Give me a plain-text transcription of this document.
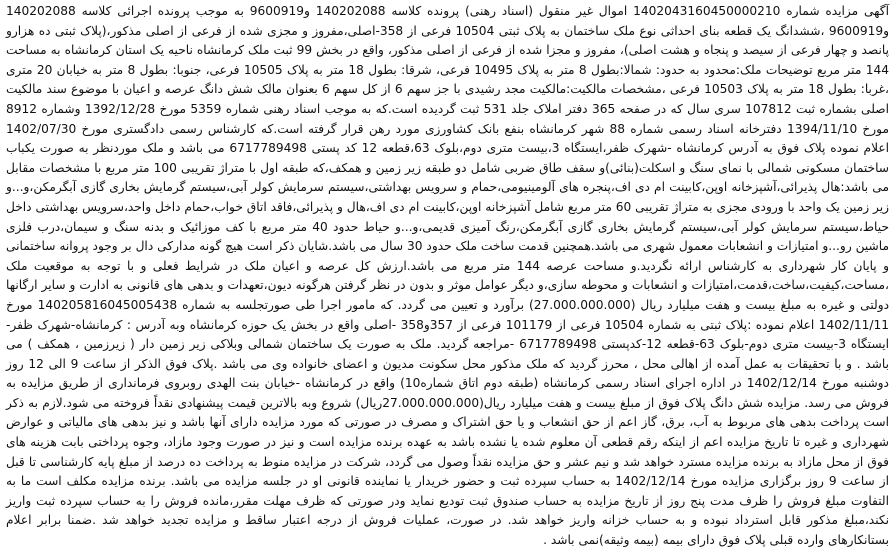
آگهی مزایده شماره 1402043160450000210 اموال غیر منقول (اسناد رهنی) پرونده کلاسه 140202088 و9600919 به موجب پرونده اجرائی کلاسه 140202088 و9600919 ،ششدانگ یک قطعه بنای احداثی نوع ملک ساختمان به پلاک ثبتی 10504 فرعی از 358-اصلی،مفروز و مجزی شده از فرعی از اصلی مذکور،(پلاک ثبتی ده هزارو پانصد و چهار فرعی از سیصد و پنجاه و هشت اصلی)، مفروز و مجزا شده از فرعی از اصلی مذکور، واقع در بخش 99 ثبت ملک کرمانشاه ناحیه یک استان کرمانشاه به مساحت 144 متر مربع توضیحات ملک:محدود به حدود: شمالا:بطول 8 متر به پلاک 10495 فرعی، شرقا: بطول 18 متر به پلاک 10505 فرعی، جنوبا: بطول 8 متر به خیابان 20 متری ،غربا: بطول 18 متر به پلاک 10503 فرعی ،مشخصات مالکیت:مالکیت مجد رشیدی با جز سهم 6 از کل سهم 6 بعنوان مالک شش دانگ عرصه و اعیان با موضوع سند مالکیت اصلی بشماره ثبت 107812 سری سال که در صفحه 365 دفتر املاک جلد 531 ثبت گردیده است.که به موجب اسناد رهنی شماره 5359 مورخ 1392/12/28 وشماره 8912 مورخ 1394/11/10 دفترخانه اسناد رسمی شماره 88 شهر کرمانشاه بنفع بانک کشاورزی مورد رهن قرار گرفته است.که کارشناس رسمی دادگستری مورخ 1402/07/30 اعلام نموده پلاک فوق به آدرس کرمانشاه -شهرک ظفر،ایستگاه 3،بیست متری دوم،بلوک 63،قطعه 12 کد پستی 6717789498 می باشد و ملک موردنظر به صورت یکباب ساختمان مسکونی شمالی با نمای سنگ و اسکلت(بنائی)و سقف طاق ضربی شامل دو طبقه زیر زمین و همکف،که طبقه اول با متراژ تقریبی 100 متر مربع با مشخصات مقابل می باشد:هال پذیرائی،آشپزخانه اوپن،کابینت ام دی اف،پنجره های آلومینیومی،حمام و سرویس بهداشتی،سیستم سرمایش کولر آبی،سیستم گرمایش بخاری گازی آبگرمکن،و...و زیر زمین یک واحد با ورودی مجزی به متراژ تقریبی 60 متر مربع شامل آشپزخانه اوپن،کابینت ام دی اف،هال و پذیرائی،فاقد اتاق خواب،حمام داخل واحد،سرویس بهداشتی داخل حیاط،سیستم سرمایش کولر آبی،سیستم گرمایش بخاری گازی آبگرمکن،رنگ آمیزی قدیمی،و...و حیاط حدود 40 متر مربع با کف موزائیک و بدنه سنگ و سیمان،درب فلزی ماشین رو...و امتیازات و انشعابات معمول شهری می باشد.همچنین قدمت ساخت ملک حدود 30 سال می باشد.شایان ذکر است هیچ گونه مدارکی دال بر وجود پروانه ساختمانی و پایان کار شهرداری به کارشناس ارائه نگردید.و مساحت عرصه 144 متر مربع می باشد.ارزش کل عرصه و اعیان ملک در شرایط فعلی و با توجه به موقعیت ملک ،مساحت،کیفیت،ساخت،قدمت،امتیازات و انشعابات و محوطه سازی،و دیگر عوامل موثر و بدون در نظر گرفتن هرگونه دیون،تعهدات و بدهی های قانونی به ادارت و سایر ارگانها دولتی و غیره به مبلغ بیست و هفت میلیارد ریال (27.000.000.000) برآورد و تعیین می گردد. که مامور اجرا طی صورتجلسه به شماره 140205816045005438 مورخ 1402/11/11 اعلام نموده :پلاک ثبتی به شماره 10504 فرعی از 101179 فرعی از 357و358 -اصلی واقع در بخش یک حوزه کرمانشاه وبه آدرس : کرمانشاه-شهرک ظفر-ایستگاه 3-بیست متری دوم-بلوک 63-قطعه 12-کدپستی 6717789498 -مراجعه گردید. ملک به صورت یک ساختمان شمالی وبلاکی زیر زمین دار ( زیرزمین ، همکف ) می باشد . و با تحقیقات به عمل آمده از اهالی محل ، محرز گردید که ملک مذکور محل سکونت مدیون و اعضای خانواده وی می باشد .پلاک فوق الذکر از ساعت 9 الی 12 روز دوشنبه مورخ 1402/12/14 در اداره اجرای اسناد رسمی کرمانشاه (طبقه دوم اتاق شماره10) واقع در کرمانشاه -خیابان بنت الهدی روبروی فرمانداری از طریق مزایده به فروش می رسد. مزایده شش دانگ پلاک فوق از مبلغ بیست و هفت میلیارد ریال(27.000.000.000ریال) شروع وبه بالاترین قیمت پیشنهادی نقداً فروخته می شود.لازم به ذکر است پرداخت بدهی های مربوط به آب، برق، گاز اعم از حق انشعاب و یا حق اشتراک و مصرف در صورتی که مورد مزایده دارای آنها باشد و نیز بدهی های مالیاتی و عوارض شهرداری و غیره تا تاریخ مزایده اعم از اینکه رقم قطعی آن معلوم شده یا نشده باشد به عهده برنده مزایده است و نیز در صورت وجود مازاد، وجوه پرداختی بابت هزینه های فوق از محل مازاد به برنده مزایده مسترد خواهد شد و نیم عشر و حق مزایده نقداً وصول می گردد، شرکت در مزایده منوط به پرداخت ده درصد از مبلغ پایه کارشناسی تا قبل از ساعت 9 روز برگزاری مزایده مورخ 1402/12/14 به حساب سپرده ثبت و حضور خریدار یا نماینده قانونی او در جلسه مزایده می باشد. برنده مزایده مکلف است ما به التفاوت مبلغ فروش را ظرف مدت پنج روز از تاریخ مزایده به حساب صندوق ثبت تودیع نماید ودر صورتی که ظرف مهلت مقرر،مانده فروش را به حساب سپرده ثبت واریز نکند،مبلغ مذکور قابل استرداد نبوده و به حساب خزانه واریز خواهد شد. در صورت، عملیات فروش از درجه اعتبار ساقط و مزایده تجدید خواهد شد .ضمنا برابر اعلام بستانکارهای وارده قبلی پلاک فوق دارای بیمه (بیمه وثیقه)نمی باشد .
